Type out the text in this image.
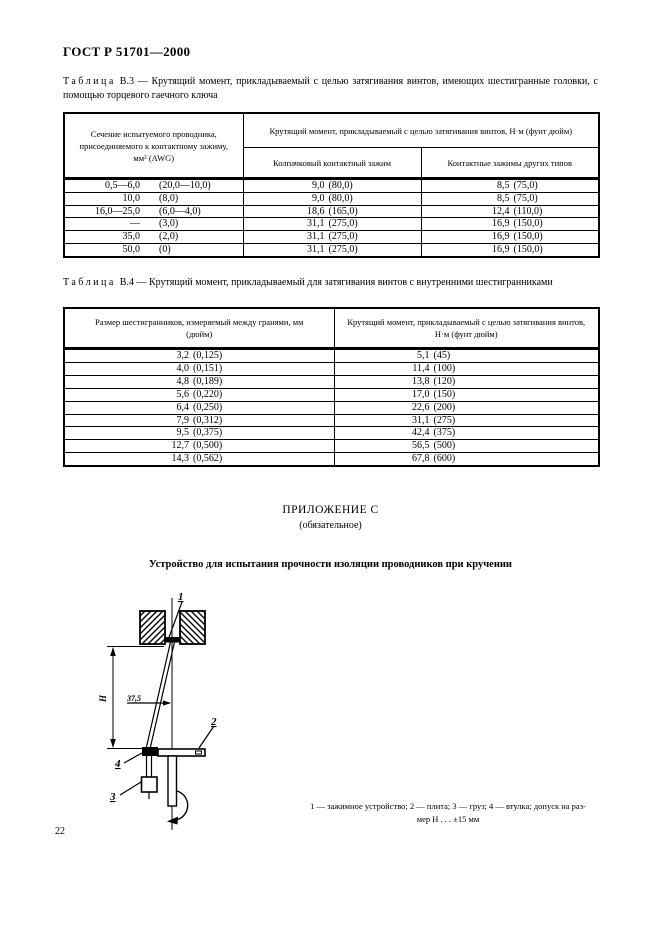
ГОСТ Р 51701—2000
Таблица В.3 — Крутящий момент, прикладываемый с целью затягивания винтов, имеющих шестигранные головки, с помощью торцевого гаечного ключа
Сечение испытуемого проводника, присоединяемого к контактному зажиму, мм² (AWG)	Крутящий момент, прикладываемый с целью затягивания винтов, Н·м (фунт дюйм)	
	Колпачковый контактный зажим	Контактные зажимы других типов
0,5—6,0 (20,0—10,0)	9,0 (80,0)	8,5 (75,0)
10,0 (8,0)	9,0 (80,0)	8,5 (75,0)
16,0—25,0 (6,0—4,0)	18,6 (165,0)	12,4 (110,0)
— (3,0)	31,1 (275,0)	16,9 (150,0)
35,0 (2,0)	31,1 (275,0)	16,9 (150,0)
50,0 (0)	31,1 (275,0)	16,9 (150,0)
Таблица В.4 — Крутящий момент, прикладываемый для затягивания винтов с внутренними шестигранниками
Размер шестигранников, измеряемый между гранями, мм (дюйм)	Крутящий момент, прикладываемый с целью затягивания винтов, Н·м (фунт дюйм)
3,2 (0,125)	5,1 (45)
4,0 (0,151)	11,4 (100)
4,8 (0,189)	13,8 (120)
5,6 (0,220)	17,0 (150)
6,4 (0,250)	22,6 (200)
7,9 (0,312)	31,1 (275)
9,5 (0,375)	42,4 (375)
12,7 (0,500)	56,5 (500)
14,3 (0,562)	67,8 (600)
ПРИЛОЖЕНИЕ С
(обязательное)
Устройство для испытания прочности изоляции проводников при кручении
1
H 37,5
2
4
3
1 — зажимное устройство; 2 — плита; 3 — груз; 4 — втулка; допуск на раз-
мер Н . . . ±15 мм
22
